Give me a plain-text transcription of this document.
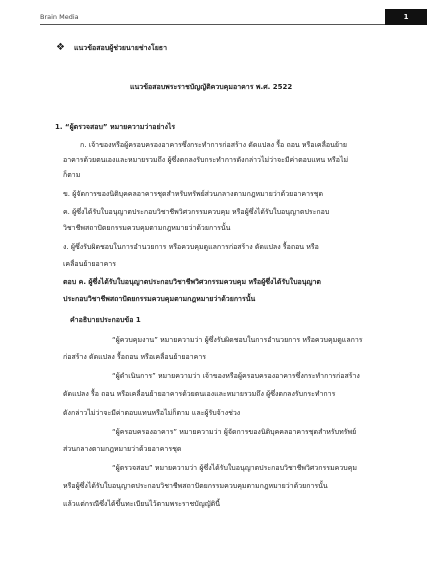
Brain Media	1
❖ แนวข้อสอบผู้ช่วยนายช่างโยธา
แนวข้อสอบพระราชบัญญัติควบคุมอาคาร พ.ศ. 2522
1. “ผู้ตรวจสอบ” หมายความว่าอย่างไร
ก. เจ้าของหรือผู้ครอบครองอาคารซึ่งกระทำการก่อสร้าง ดัดแปลง รื้อ ถอน หรือเคลื่อนย้าย
อาคารด้วยตนเองและหมายรวมถึง ผู้ซึ่งตกลงรับกระทำการดังกล่าวไม่ว่าจะมีค่าตอบแทน หรือไม่
ก็ตาม
ข. ผู้จัดการของนิติบุคคลอาคารชุดสำหรับทรัพย์ส่วนกลางตามกฎหมายว่าด้วยอาคารชุด
ค. ผู้ซึ่งได้รับใบอนุญาตประกอบวิชาชีพวิศวกรรมควบคุม หรือผู้ซึ่งได้รับใบอนุญาตประกอบ
วิชาชีพสถาปัตยกรรมควบคุมตามกฎหมายว่าด้วยการนั้น
ง. ผู้ซึ่งรับผิดชอบในการอำนวยการ หรือควบคุมดูแลการก่อสร้าง ดัดแปลง รื้อถอน หรือ
เคลื่อนย้ายอาคาร
ตอบ ค. ผู้ซึ่งได้รับใบอนุญาตประกอบวิชาชีพวิศวกรรมควบคุม หรือผู้ซึ่งได้รับใบอนุญาต
ประกอบวิชาชีพสถาปัตยกรรมควบคุมตามกฎหมายว่าด้วยการนั้น
คำอธิบายประกอบข้อ 1
“ผู้ควบคุมงาน” หมายความว่า ผู้ซึ่งรับผิดชอบในการอำนวยการ หรือควบคุมดูแลการ
ก่อสร้าง ดัดแปลง รื้อถอน หรือเคลื่อนย้ายอาคาร
“ผู้ดำเนินการ” หมายความว่า เจ้าของหรือผู้ครอบครองอาคารซึ่งกระทำการก่อสร้าง
ดัดแปลง รื้อ ถอน หรือเคลื่อนย้ายอาคารด้วยตนเองและหมายรวมถึง ผู้ซึ่งตกลงรับกระทำการ
ดังกล่าวไม่ว่าจะมีค่าตอบแทนหรือไม่ก็ตาม และผู้รับจ้างช่วง
“ผู้ครอบครองอาคาร” หมายความว่า ผู้จัดการของนิติบุคคลอาคารชุดสำหรับทรัพย์
ส่วนกลางตามกฎหมายว่าด้วยอาคารชุด
“ผู้ตรวจสอบ” หมายความว่า ผู้ซึ่งได้รับใบอนุญาตประกอบวิชาชีพวิศวกรรมควบคุม
หรือผู้ซึ่งได้รับใบอนุญาตประกอบวิชาชีพสถาปัตยกรรมควบคุมตามกฎหมายว่าด้วยการนั้น
แล้วแต่กรณีซึ่งได้ขึ้นทะเบียนไว้ตามพระราชบัญญัตินี้
